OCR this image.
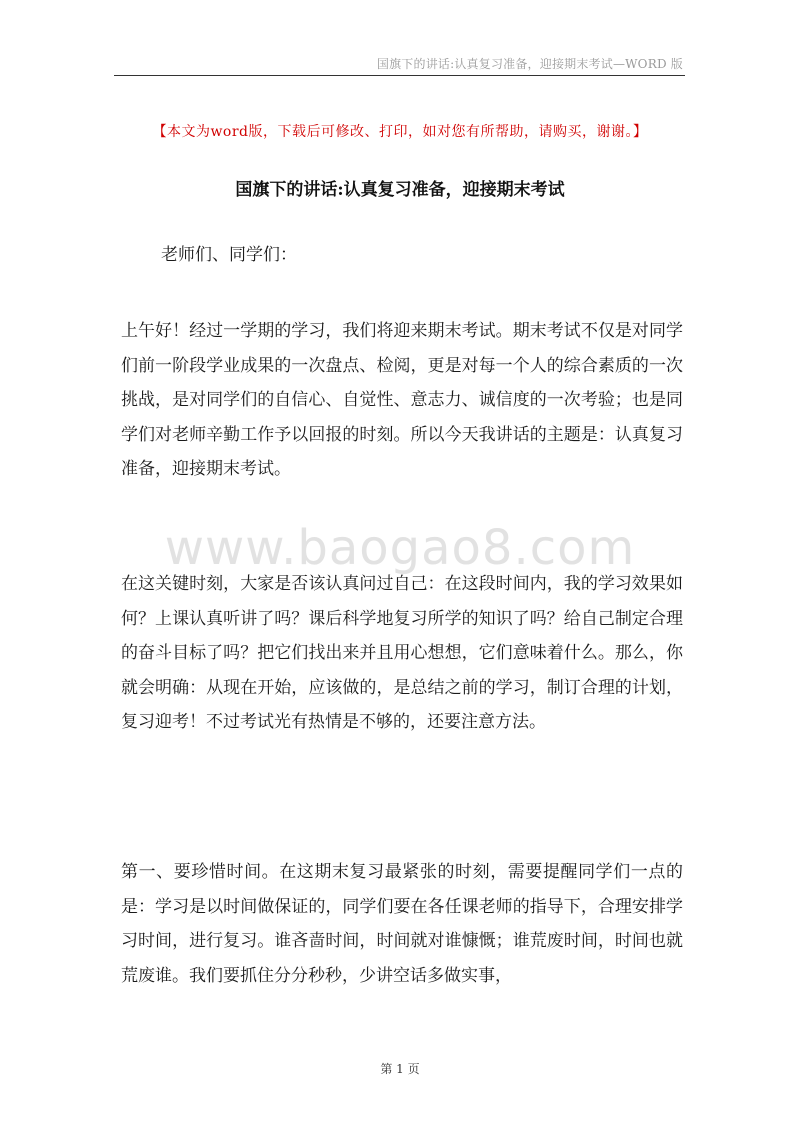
国旗下的讲话:认真复习准备，迎接期末考试—WORD 版
【本文为word版，下载后可修改、打印，如对您有所帮助，请购买，谢谢。】
国旗下的讲话:认真复习准备，迎接期末考试
老师们、同学们：
上午好！经过一学期的学习，我们将迎来期末考试。期末考试不仅是对同学们前一阶段学业成果的一次盘点、检阅，更是对每一个人的综合素质的一次挑战，是对同学们的自信心、自觉性、意志力、诚信度的一次考验；也是同学们对老师辛勤工作予以回报的时刻。所以今天我讲话的主题是：认真复习准备，迎接期末考试。
www.baogao8.com
在这关键时刻，大家是否该认真问过自己：在这段时间内，我的学习效果如何？上课认真听讲了吗？课后科学地复习所学的知识了吗？给自己制定合理的奋斗目标了吗？把它们找出来并且用心想想，它们意味着什么。那么，你就会明确：从现在开始，应该做的，是总结之前的学习，制订合理的计划，复习迎考！不过考试光有热情是不够的，还要注意方法。
第一、要珍惜时间。在这期末复习最紧张的时刻，需要提醒同学们一点的是：学习是以时间做保证的，同学们要在各任课老师的指导下，合理安排学习时间，进行复习。谁吝啬时间，时间就对谁慷慨；谁荒废时间，时间也就荒废谁。我们要抓住分分秒秒，少讲空话多做实事，
第 1 页
